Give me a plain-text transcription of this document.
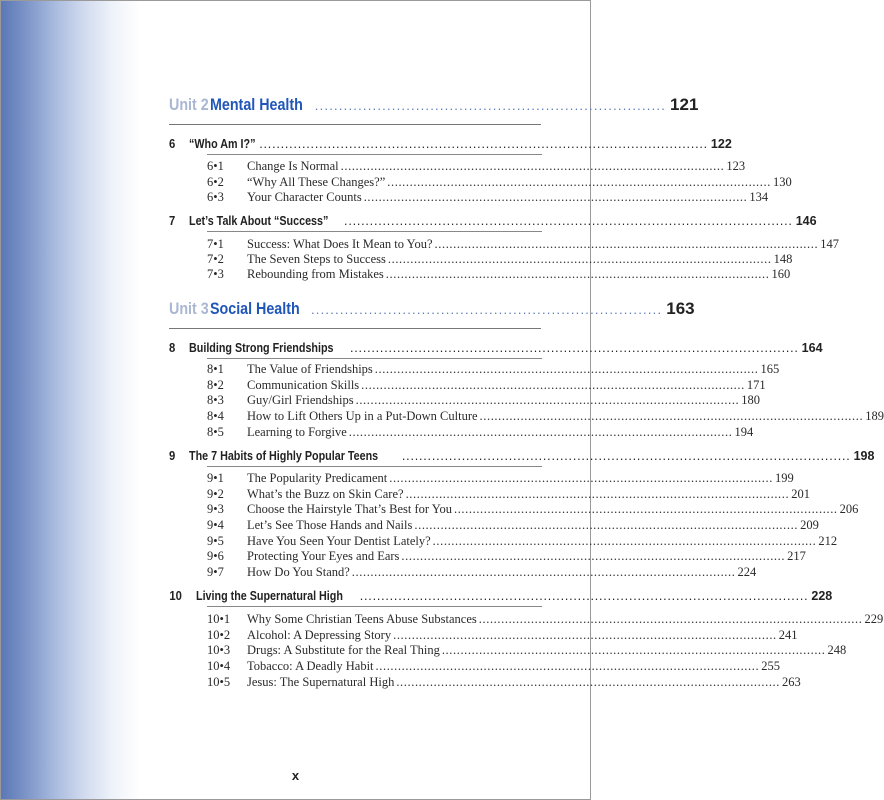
Unit 2 Mental Health ......................................................................... 121
6	“Who Am I?” ......................................................................................................... 122
6•1	Change Is Normal ....................................................................................................... 123
6•2	“Why All These Changes?” ....................................................................................................... 130
6•3	Your Character Counts ....................................................................................................... 134
7	Let’s Talk About “Success” ......................................................................................................... 146
7•1	Success: What Does It Mean to You? ....................................................................................................... 147
7•2	The Seven Steps to Success ....................................................................................................... 148
7•3	Rebounding from Mistakes ....................................................................................................... 160
Unit 3 Social Health ......................................................................... 163
8	Building Strong Friendships ......................................................................................................... 164
8•1	The Value of Friendships ....................................................................................................... 165
8•2	Communication Skills ....................................................................................................... 171
8•3	Guy/Girl Friendships ....................................................................................................... 180
8•4	How to Lift Others Up in a Put-Down Culture ....................................................................................................... 189
8•5	Learning to Forgive ....................................................................................................... 194
9	The 7 Habits of Highly Popular Teens ......................................................................................................... 198
9•1	The Popularity Predicament ....................................................................................................... 199
9•2	What’s the Buzz on Skin Care? ....................................................................................................... 201
9•3	Choose the Hairstyle That’s Best for You ....................................................................................................... 206
9•4	Let’s See Those Hands and Nails ....................................................................................................... 209
9•5	Have You Seen Your Dentist Lately? ....................................................................................................... 212
9•6	Protecting Your Eyes and Ears ....................................................................................................... 217
9•7	How Do You Stand? ....................................................................................................... 224
10	Living the Supernatural High ......................................................................................................... 228
10•1	Why Some Christian Teens Abuse Substances ....................................................................................................... 229
10•2	Alcohol: A Depressing Story ....................................................................................................... 241
10•3	Drugs: A Substitute for the Real Thing ....................................................................................................... 248
10•4	Tobacco: A Deadly Habit ....................................................................................................... 255
10•5	Jesus: The Supernatural High ....................................................................................................... 263
x
